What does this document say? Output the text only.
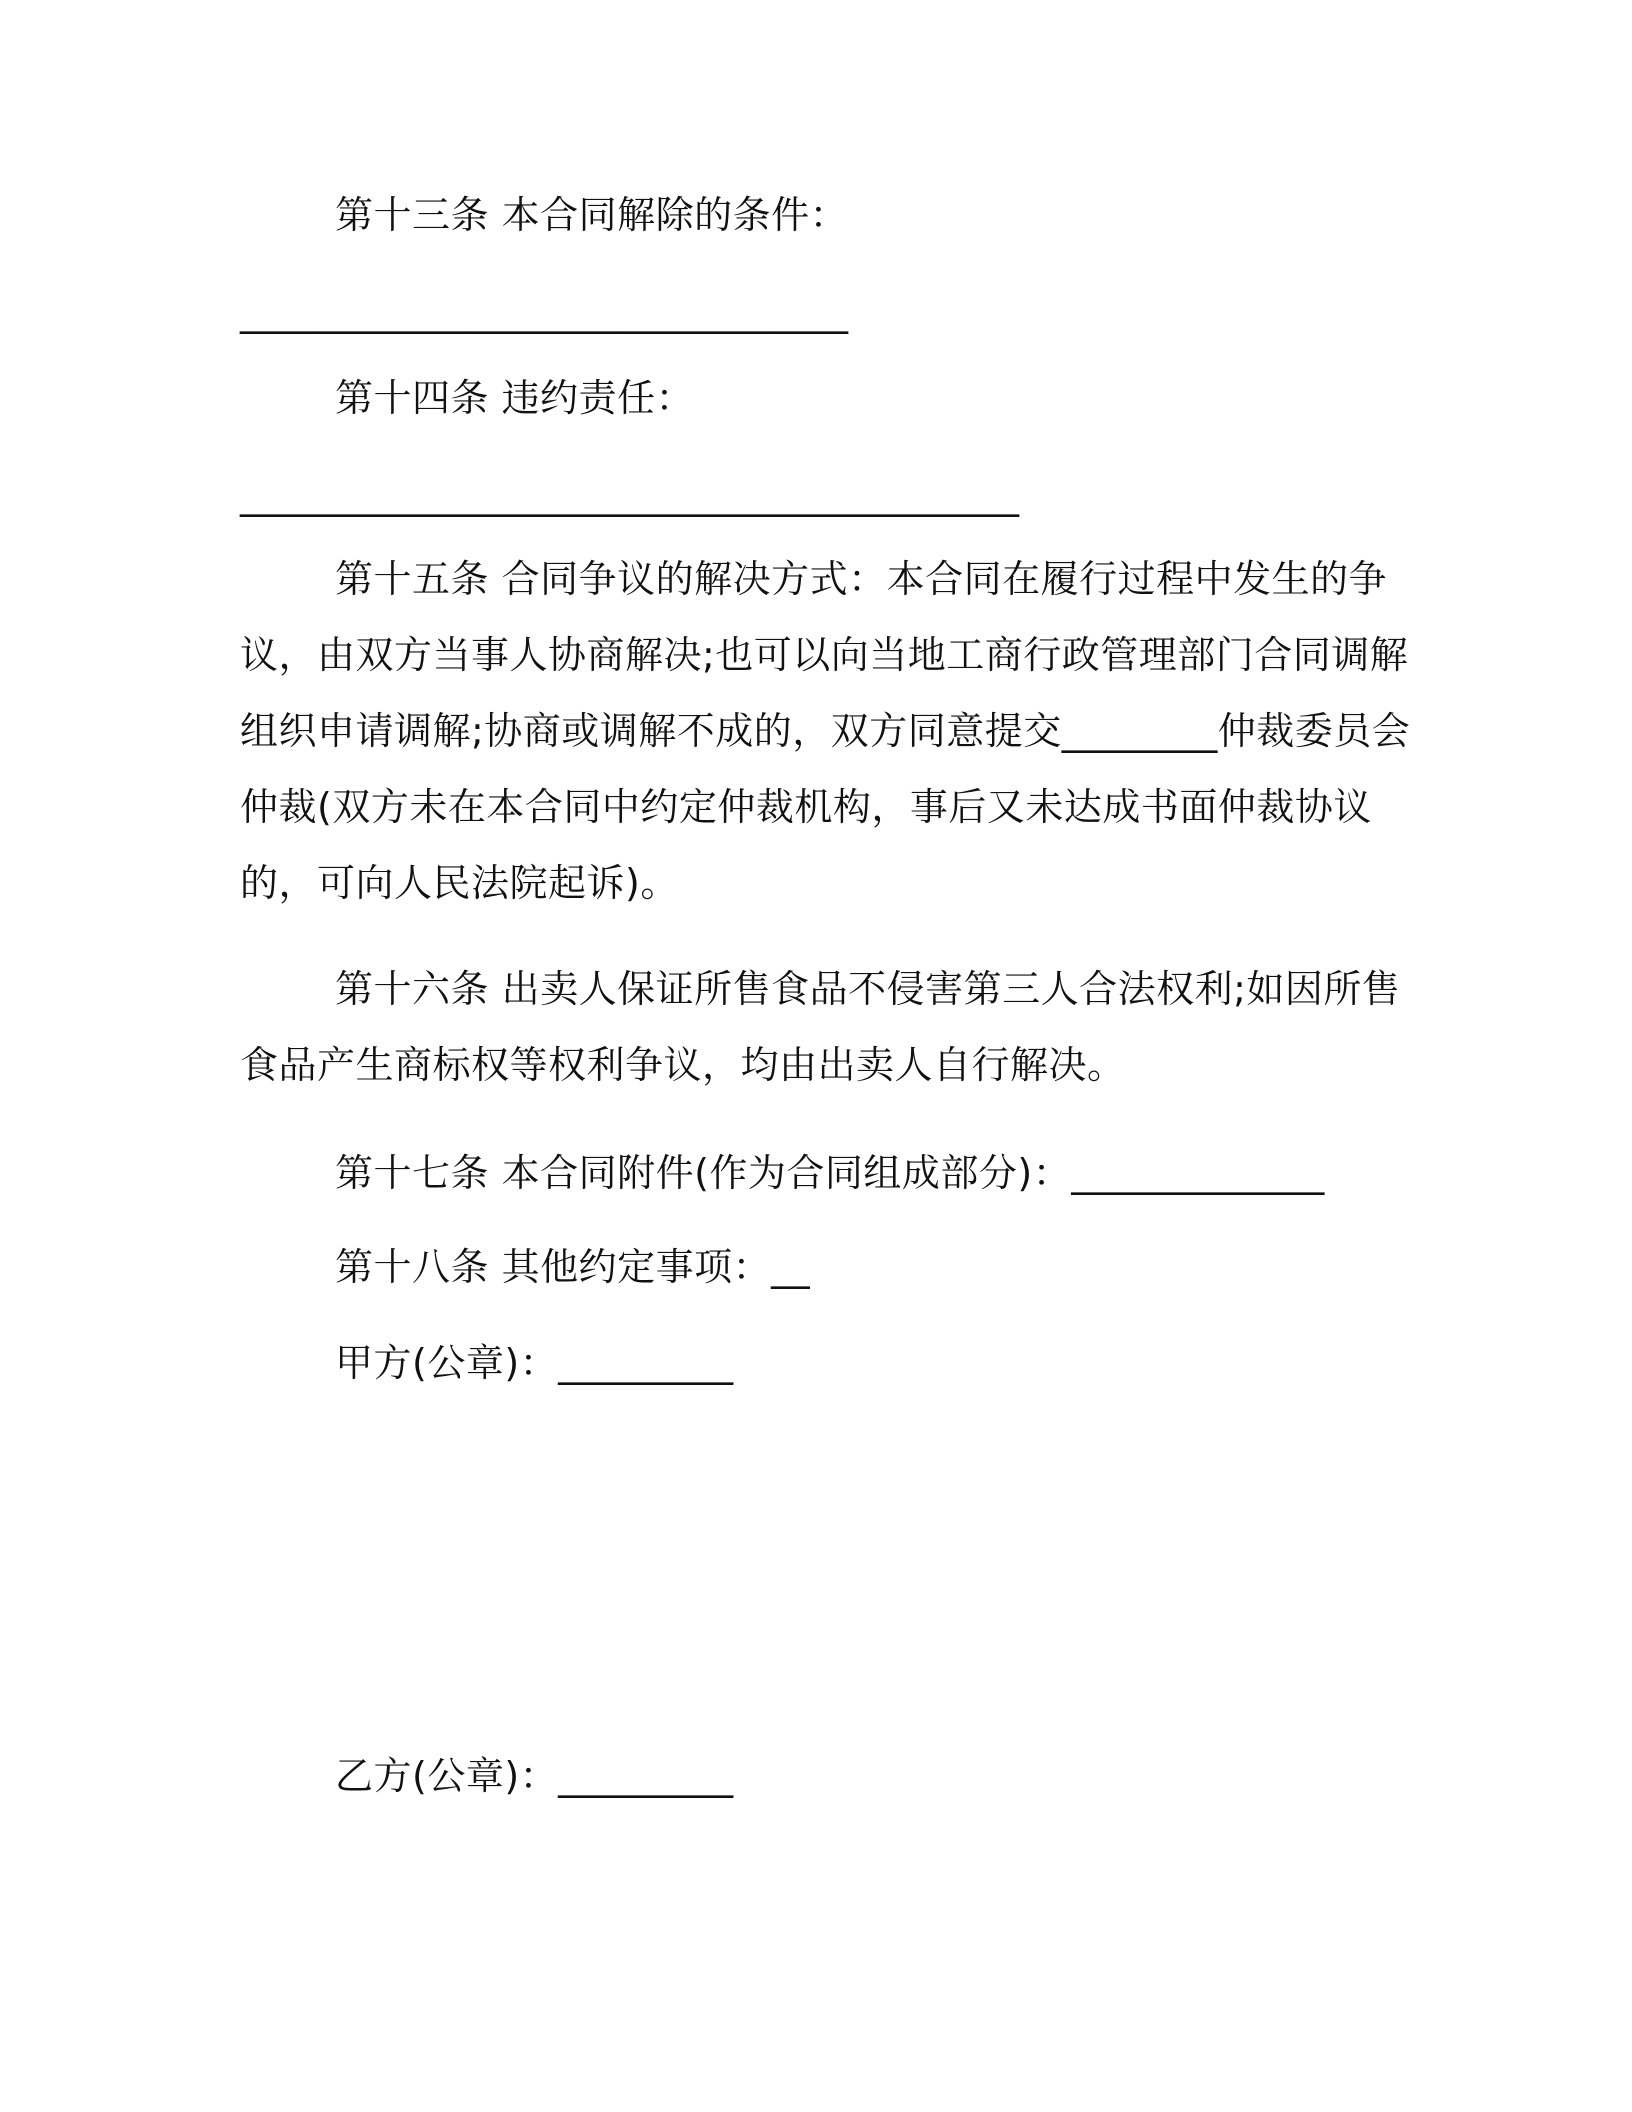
第十三条 本合同解除的条件：
________________________________
第十四条 违约责任：
_________________________________________
第十五条 合同争议的解决方式：本合同在履行过程中发生的争议，由双方当事人协商解决;也可以向当地工商行政管理部门合同调解组织申请调解;协商或调解不成的，双方同意提交________仲裁委员会仲裁(双方未在本合同中约定仲裁机构，事后又未达成书面仲裁协议的，可向人民法院起诉)。
第十六条 出卖人保证所售食品不侵害第三人合法权利;如因所售食品产生商标权等权利争议，均由出卖人自行解决。
第十七条 本合同附件(作为合同组成部分)：_____________
第十八条 其他约定事项：__
甲方(公章)：_________
乙方(公章)：_________
